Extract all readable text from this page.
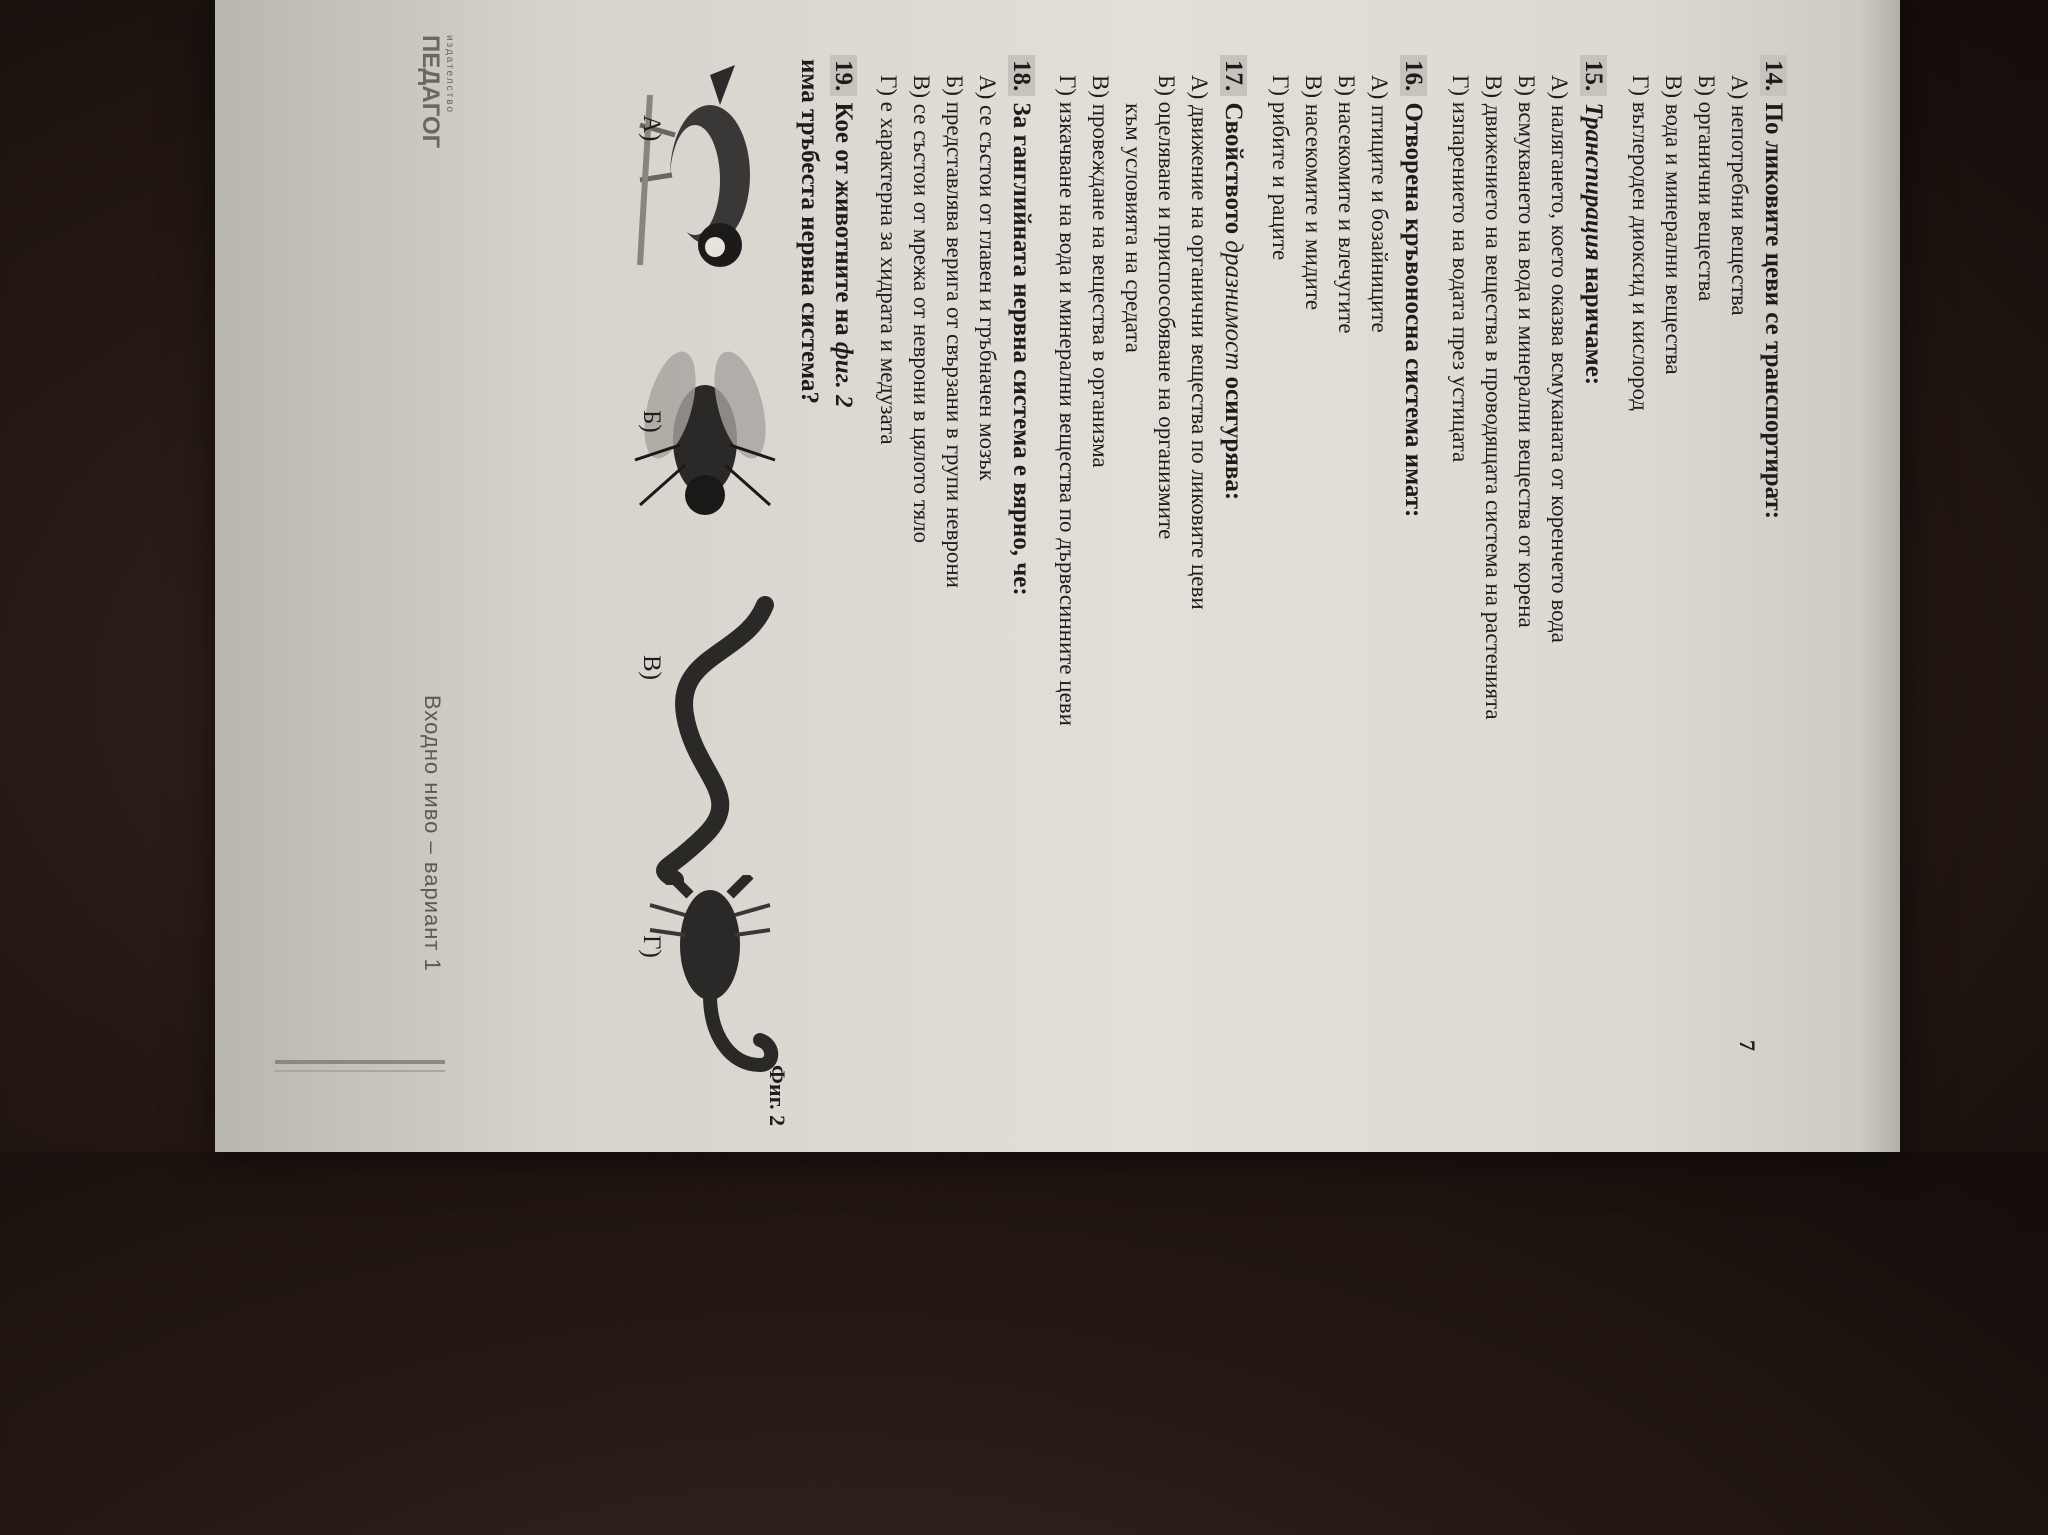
7
Входно ниво – вариант 1
издателство
ПЕДАГОГ	14. По ликовите цеви се транспортират:
А) непотребни вещества
Б) органични вещества
В) вода и минерални вещества
Г) въглероден диоксид и кислород
15. Транспирация наричаме:
А) налягането, което оказва всмуканата от коренчето вода
Б) всмукването на вода и минерални вещества от корена
В) движението на вещества в проводящата система на растенията
Г) изпарението на водата през устицата
16. Отворена кръвоносна система имат:
А) птиците и бозайниците
Б) насекомите и влечугите
В) насекомите и мидите
Г) рибите и раците
17. Свойството дразнимост осигурява:
А) движение на органични вещества по ликовите цеви
Б) оцеляване и приспособяване на организмите
към условията на средата
В) провеждане на вещества в организма
Г) изкачване на вода и минерални вещества по дървесинните цеви
18. За ганглийната нервна система е вярно, че:
А) се състои от главен и гръбначен мозък
Б) представлява верига от свързани в групи неврони
В) се състои от мрежа от неврони в цялото тяло
Г) е характерна за хидрата и медузата
19. Кое от животните на фиг. 2
има тръбеста нервна система?
Фиг. 2
А)
Б)
В)
Г)
